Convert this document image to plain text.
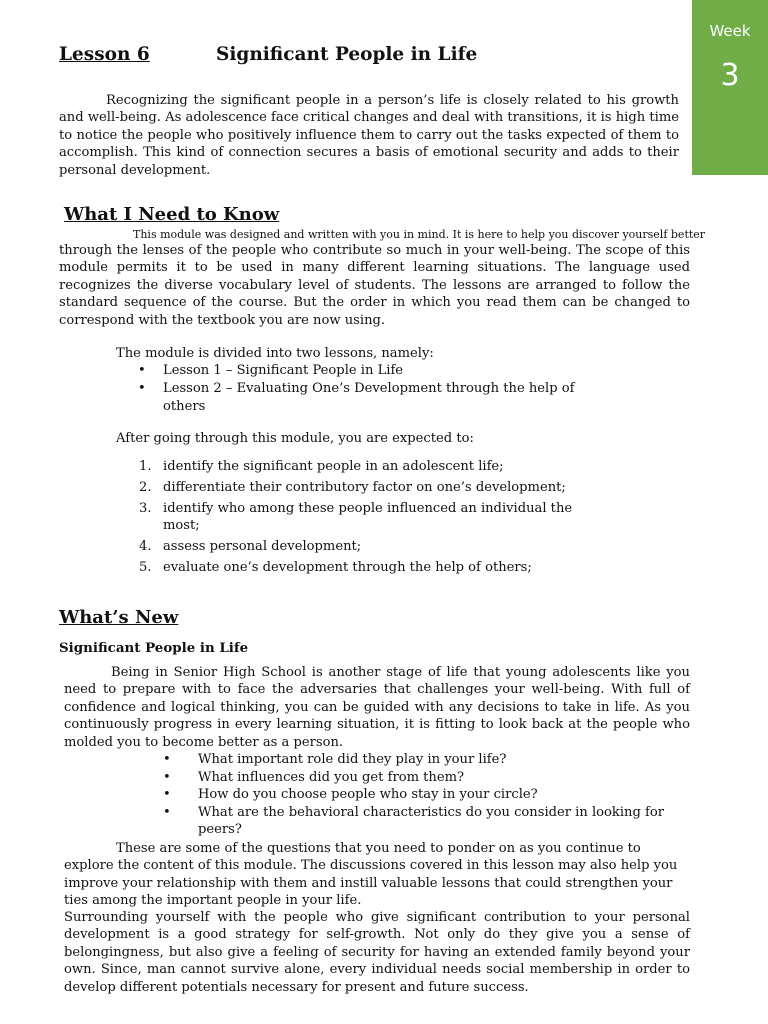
Week
3
Lesson 6	Significant People in Life

Recognizing the significant people in a person’s life is closely related to his growth and well-being. As adolescence face critical changes and deal with transitions, it is high time to notice the people who positively influence them to carry out the tasks expected of them to accomplish. This kind of connection secures a basis of emotional security and adds to their personal development.

What I Need to Know

This module was designed and written with you in mind. It is here to help you discover yourself better

through the lenses of the people who contribute so much in your well-being. The scope of this module permits it to be used in many different learning situations. The language used recognizes the diverse vocabulary level of students. The lessons are arranged to follow the standard sequence of the course. But the order in which you read them can be changed to correspond with the textbook you are now using.

The module is divided into two lessons, namely:

• Lesson 1 – Significant People in Life
• Lesson 2 – Evaluating One’s Development through the help of others

After going through this module, you are expected to:

1. identify the significant people in an adolescent life;
2. differentiate their contributory factor on one’s development;
3. identify who among these people influenced an individual the most;
4. assess personal development;
5. evaluate one’s development through the help of others;
What’s New
Significant People in Life

Being in Senior High School is another stage of life that young adolescents like you need to prepare with to face the adversaries that challenges your well-being. With full of confidence and logical thinking, you can be guided with any decisions to take in life. As you continuously progress in every learning situation, it is fitting to look back at the people who molded you to become better as a person.

• What important role did they play in your life?
• What influences did you get from them?
• How do you choose people who stay in your circle?
• What are the behavioral characteristics do you consider in looking for peers?

These are some of the questions that you need to ponder on as you continue to explore the content of this module. The discussions covered in this lesson may also help you improve your relationship with them and instill valuable lessons that could strengthen your ties among the important people in your life.

Surrounding yourself with the people who give significant contribution to your personal development is a good strategy for self-growth. Not only do they give you a sense of belongingness, but also give a feeling of security for having an extended family beyond your own. Since, man cannot survive alone, every individual needs social membership in order to develop different potentials necessary for present and future success.
